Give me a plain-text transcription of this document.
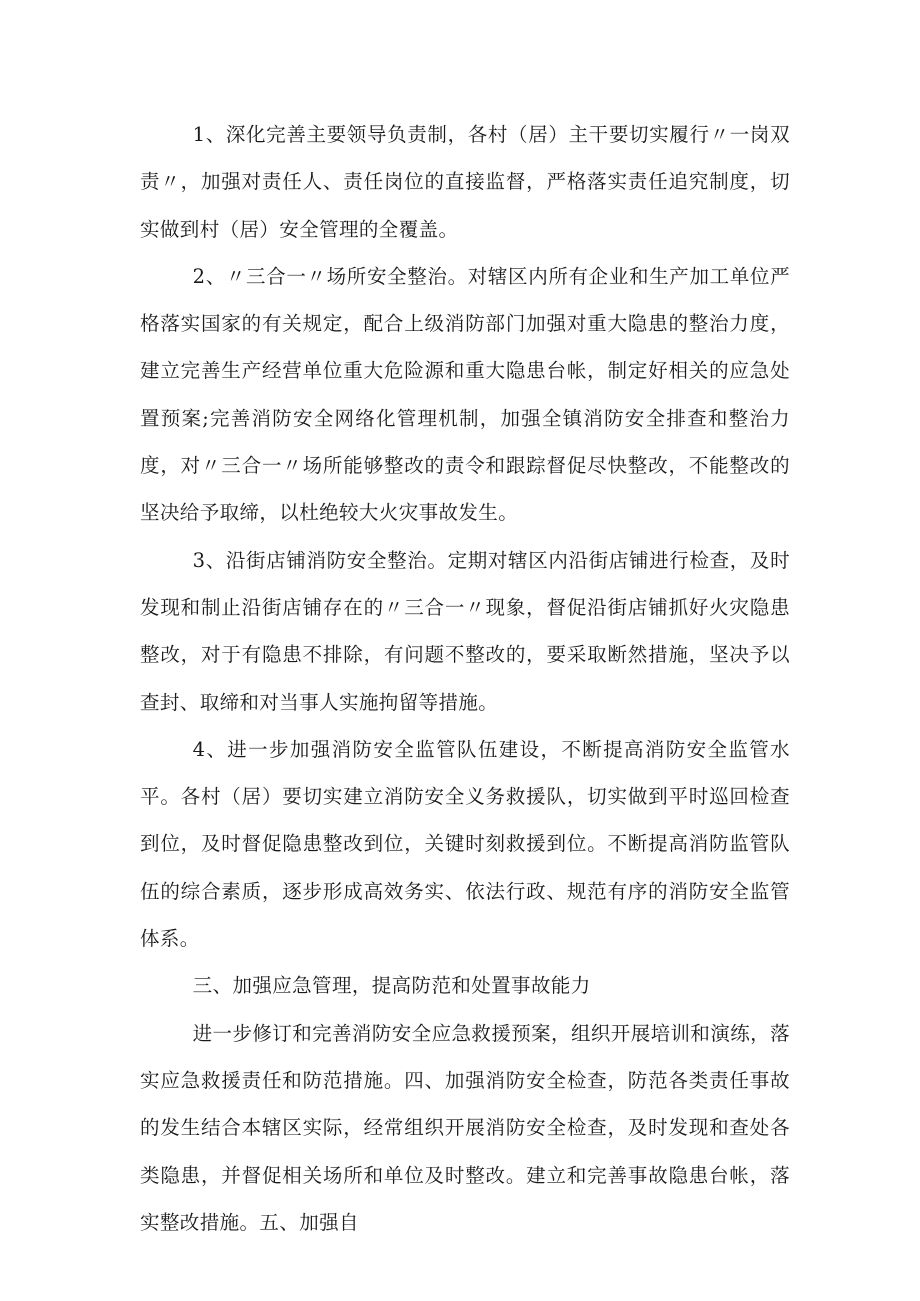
1、深化完善主要领导负责制，各村（居）主干要切实履行〃一岗双责〃，加强对责任人、责任岗位的直接监督，严格落实责任追究制度，切实做到村（居）安全管理的全覆盖。

2、〃三合一〃场所安全整治。对辖区内所有企业和生产加工单位严格落实国家的有关规定，配合上级消防部门加强对重大隐患的整治力度，建立完善生产经营单位重大危险源和重大隐患台帐，制定好相关的应急处置预案;完善消防安全网络化管理机制，加强全镇消防安全排查和整治力度，对〃三合一〃场所能够整改的责令和跟踪督促尽快整改，不能整改的坚决给予取缔，以杜绝较大火灾事故发生。

3、沿街店铺消防安全整治。定期对辖区内沿街店铺进行检查，及时发现和制止沿街店铺存在的〃三合一〃现象，督促沿街店铺抓好火灾隐患整改，对于有隐患不排除，有问题不整改的，要采取断然措施，坚决予以查封、取缔和对当事人实施拘留等措施。

4、进一步加强消防安全监管队伍建设，不断提高消防安全监管水平。各村（居）要切实建立消防安全义务救援队，切实做到平时巡回检查到位，及时督促隐患整改到位，关键时刻救援到位。不断提高消防监管队伍的综合素质，逐步形成高效务实、依法行政、规范有序的消防安全监管体系。

三、加强应急管理，提高防范和处置事故能力

进一步修订和完善消防安全应急救援预案，组织开展培训和演练，落实应急救援责任和防范措施。四、加强消防安全检查，防范各类责任事故的发生结合本辖区实际，经常组织开展消防安全检查，及时发现和查处各类隐患，并督促相关场所和单位及时整改。建立和完善事故隐患台帐，落实整改措施。五、加强自
